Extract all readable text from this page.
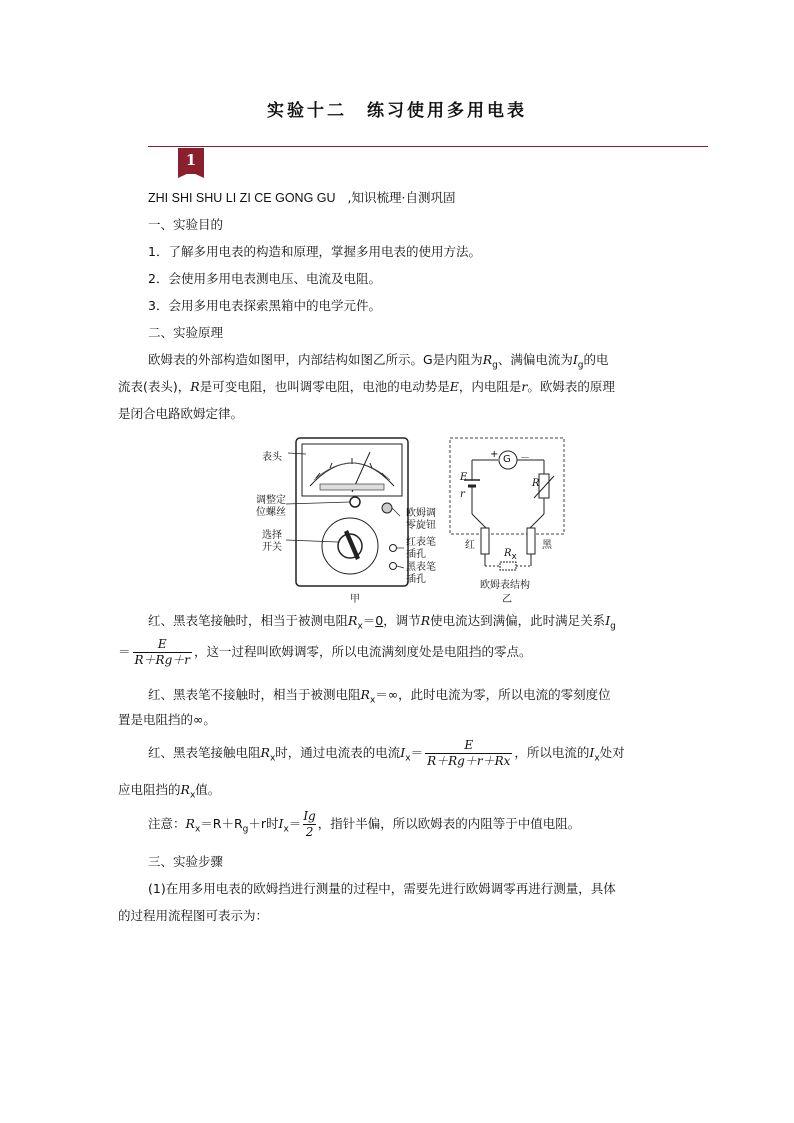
实验十二　练习使用多用电表
1
ZHI SHI SHU LI ZI CE GONG GU ,知识梳理·自测巩固
一、实验目的
1．了解多用电表的构造和原理，掌握多用电表的使用方法。
2．会使用多用电表测电压、电流及电阻。
3．会用多用电表探索黑箱中的电学元件。
二、实验原理
欧姆表的外部构造如图甲，内部结构如图乙所示。G是内阻为$R_g$、满偏电流为$I_g$的电
流表(表头)，R是可变电阻，也叫调零电阻，电池的电动势是E，内电阻是r。欧姆表的原理
是闭合电路欧姆定律。
表头
调整定
位螺丝
选择
开关
欧姆调
零旋钮
红表笔
插孔
黑表笔
插孔
甲
+ G －
E
r
R
红	黑
$R_x$
欧姆表结构
乙
红、黑表笔接触时，相当于被测电阻$R_x=0$，调节R使电流达到满偏，此时满足关系$I_g$
＝ $\frac{E}{R+Rg+r}$ ，这一过程叫欧姆调零，所以电流满刻度处是电阻挡的零点。
红、黑表笔不接触时，相当于被测电阻$R_x=\infty$，此时电流为零，所以电流的零刻度位
置是电阻挡的∞。
红、黑表笔接触电阻$R_x$时，通过电流表的电流$I_x= \frac{E}{R+Rg+r+Rx}$ ，所以电流的$I_x$处对
应电阻挡的$R_x$值。
注意：$R_x=R+R_g+r$时$I_x= \frac{Ig}{2}$ ，指针半偏，所以欧姆表的内阻等于中值电阻。
三、实验步骤
(1)在用多用电表的欧姆挡进行测量的过程中，需要先进行欧姆调零再进行测量，具体
的过程用流程图可表示为：
